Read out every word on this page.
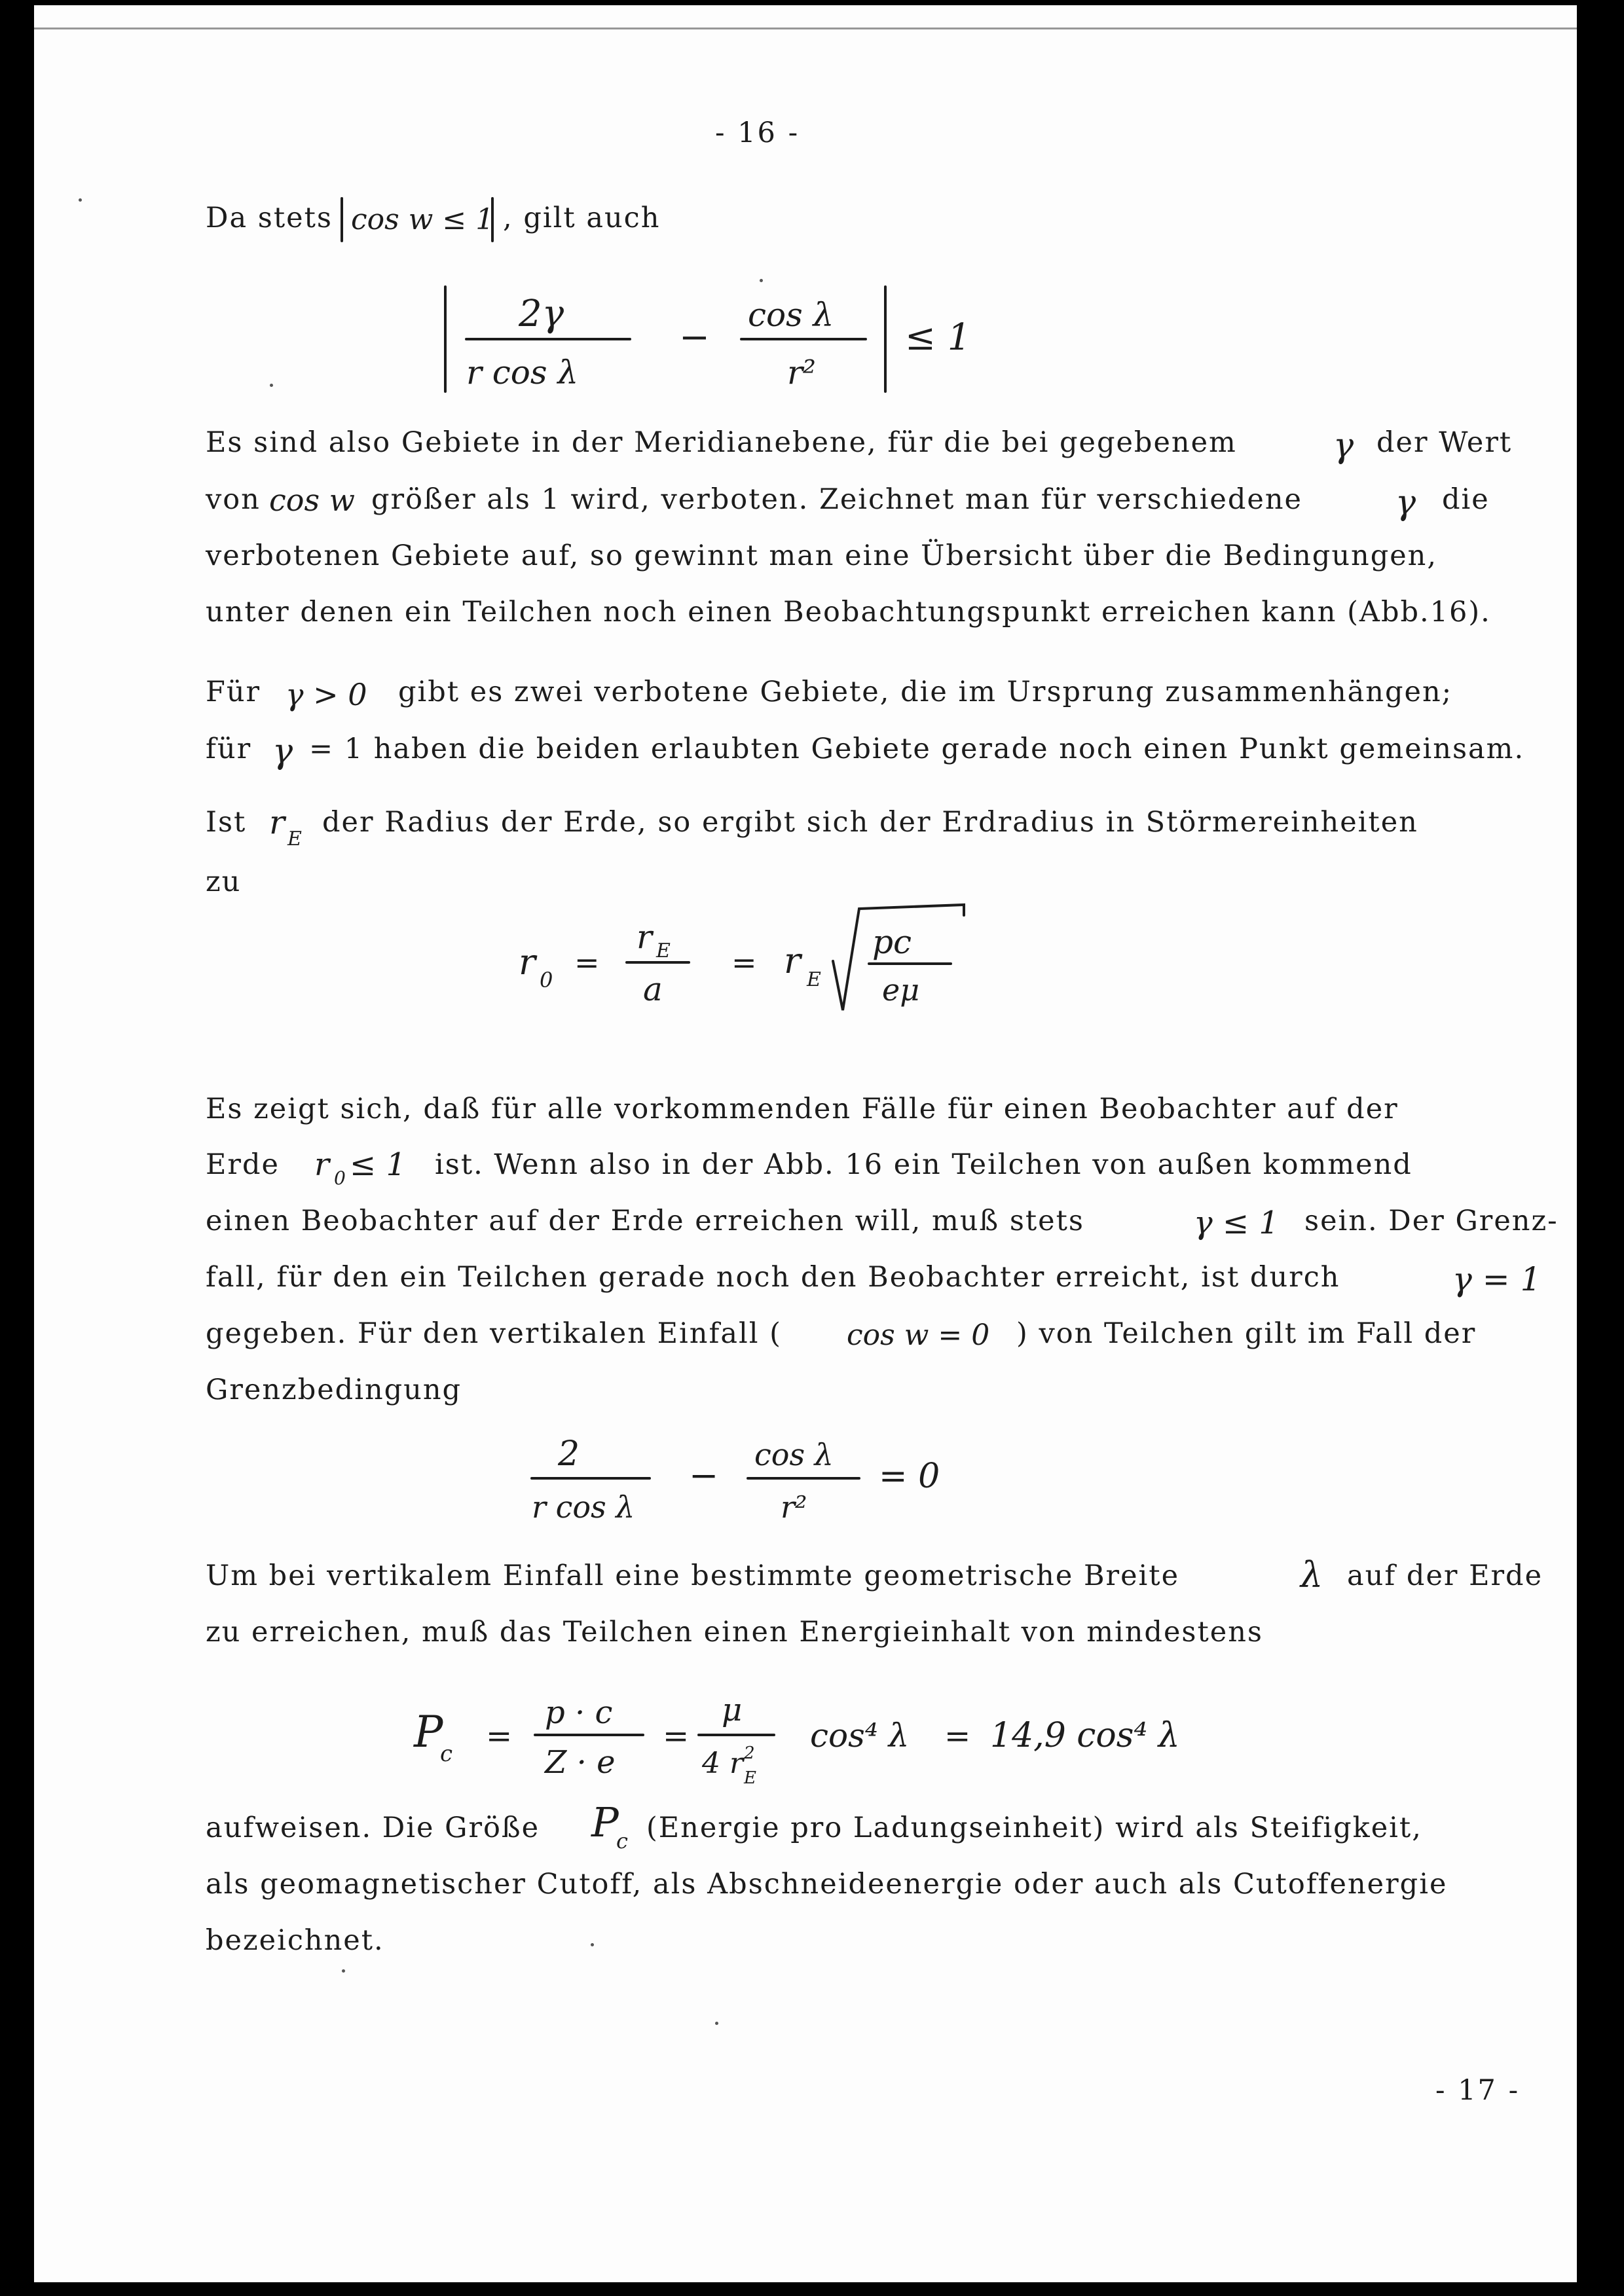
- 16 -
Da stets cos w ≤ 1 , gilt auch
2γ
r cos λ
−
cos λ
r²
≤ 1
Es sind also Gebiete in der Meridianebene, für die bei gegebenem	γ der Wert
von cos w größer als 1 wird, verboten. Zeichnet man für verschiedene	γ die
verbotenen Gebiete auf, so gewinnt man eine Übersicht über die Bedingungen,
unter denen ein Teilchen noch einen Beobachtungspunkt erreichen kann (Abb.16).
Für γ > 0 gibt es zwei verbotene Gebiete, die im Ursprung zusammenhängen;
für γ = 1 haben die beiden erlaubten Gebiete gerade noch einen Punkt gemeinsam.
Ist r E
der Radius der Erde, so ergibt sich der Erdradius in Störmereinheiten
zu
r 0 =
r E
a
= r E
pc
eμ
Es zeigt sich, daß für alle vorkommenden Fälle für einen Beobachter auf der
Erde r 0 ≤ 1 ist. Wenn also in der Abb. 16 ein Teilchen von außen kommend
einen Beobachter auf der Erde erreichen will, muß stets	γ ≤ 1 sein. Der Grenz-
fall, für den ein Teilchen gerade noch den Beobachter erreicht, ist durch	γ = 1
gegeben. Für den vertikalen Einfall ( cos w = 0 ) von Teilchen gilt im Fall der
Grenzbedingung
2
r cos λ
− cos λ
r²
= 0
Um bei vertikalem Einfall eine bestimmte geometrische Breite	λ auf der Erde
zu erreichen, muß das Teilchen einen Energieinhalt von mindestens
P
c =
p · c
Z · e
=
μ
4 r E
2 cos⁴ λ = 14,9 cos⁴ λ
aufweisen. Die Größe P
c (Energie pro Ladungseinheit) wird als Steifigkeit,
als geomagnetischer Cutoff, als Abschneideenergie oder auch als Cutoffenergie
bezeichnet.
- 17 -
